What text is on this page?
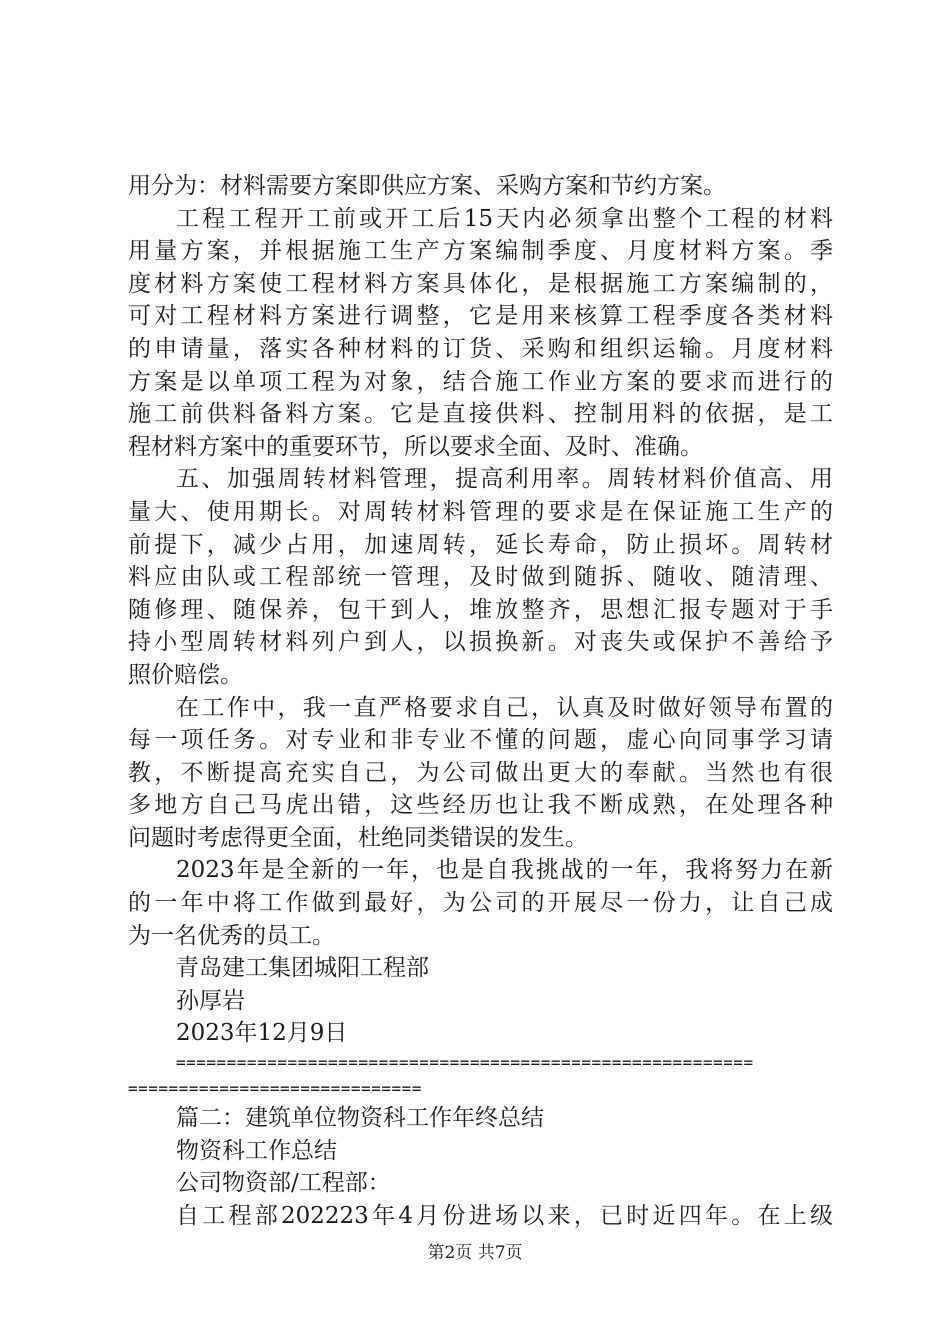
用分为：材料需要方案即供应方案、采购方案和节约方案。
工程工程开工前或开工后15天内必须拿出整个工程的材料
用量方案，并根据施工生产方案编制季度、月度材料方案。季
度材料方案使工程材料方案具体化，是根据施工方案编制的，
可对工程材料方案进行调整，它是用来核算工程季度各类材料
的申请量，落实各种材料的订货、采购和组织运输。月度材料
方案是以单项工程为对象，结合施工作业方案的要求而进行的
施工前供料备料方案。它是直接供料、控制用料的依据，是工
程材料方案中的重要环节，所以要求全面、及时、准确。
五、加强周转材料管理，提高利用率。周转材料价值高、用
量大、使用期长。对周转材料管理的要求是在保证施工生产的
前提下，减少占用，加速周转，延长寿命，防止损坏。周转材
料应由队或工程部统一管理，及时做到随拆、随收、随清理、
随修理、随保养，包干到人，堆放整齐，思想汇报专题对于手
持小型周转材料列户到人，以损换新。对丧失或保护不善给予
照价赔偿。
在工作中，我一直严格要求自己，认真及时做好领导布置的
每一项任务。对专业和非专业不懂的问题，虚心向同事学习请
教，不断提高充实自己，为公司做出更大的奉献。当然也有很
多地方自己马虎出错，这些经历也让我不断成熟，在处理各种
问题时考虑得更全面，杜绝同类错误的发生。
2023年是全新的一年，也是自我挑战的一年，我将努力在新
的一年中将工作做到最好，为公司的开展尽一份力，让自己成
为一名优秀的员工。
青岛建工集团城阳工程部
孙厚岩
2023年12月9日
=========================================================
=============================
篇二：建筑单位物资科工作年终总结
物资科工作总结
公司物资部/工程部：
自工程部202223年4月份进场以来，已时近四年。在上级
第2页 共7页
